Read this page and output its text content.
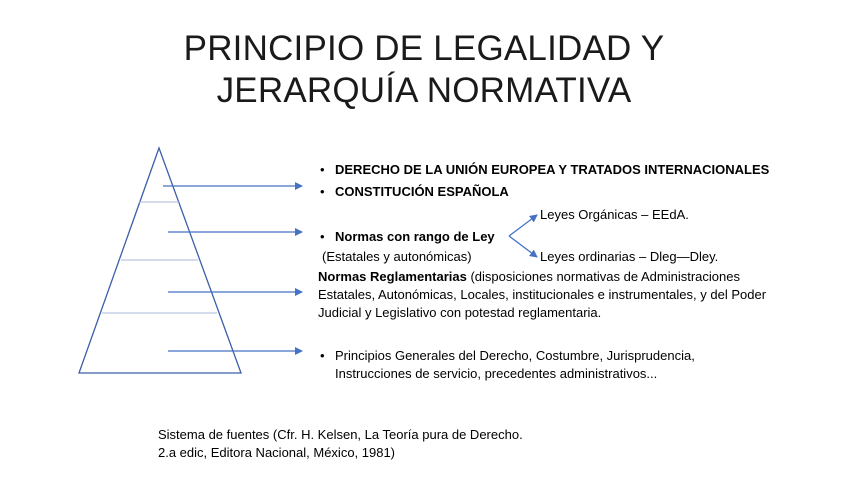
PRINCIPIO DE LEGALIDAD Y
JERARQUÍA NORMATIVA
• DERECHO DE LA UNIÓN EUROPEA Y TRATADOS INTERNACIONALES
• CONSTITUCIÓN ESPAÑOLA
Leyes Orgánicas – EEdA.
• Normas con rango de Ley
(Estatales y autonómicas)	Leyes ordinarias – Dleg—Dley.
Normas Reglamentarias (disposiciones normativas de Administraciones Estatales, Autonómicas, Locales, institucionales e instrumentales, y del Poder Judicial y Legislativo con potestad reglamentaria.
• Principios Generales del Derecho, Costumbre, Jurisprudencia,
Instrucciones de servicio, precedentes administrativos...
Sistema de fuentes (Cfr. H. Kelsen, La Teoría pura de Derecho.
2.a edic, Editora Nacional, México, 1981)
